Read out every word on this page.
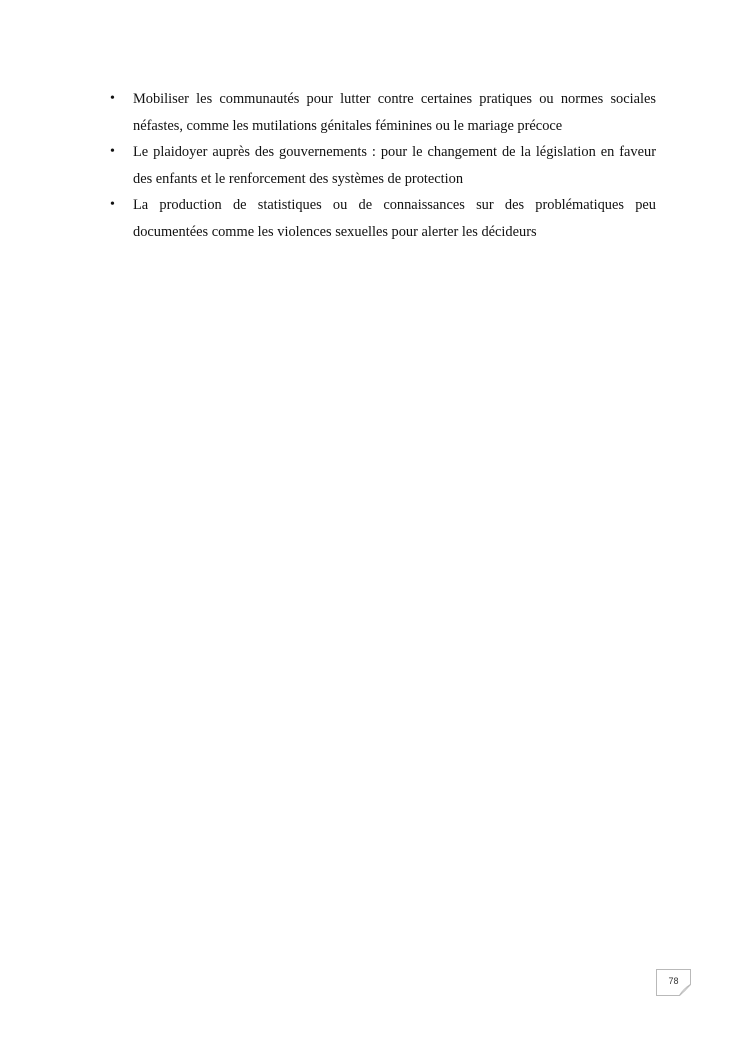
• Mobiliser les communautés pour lutter contre certaines pratiques ou normes sociales néfastes, comme les mutilations génitales féminines ou le mariage précoce
• Le plaidoyer auprès des gouvernements : pour le changement de la législation en faveur des enfants et le renforcement des systèmes de protection
• La production de statistiques ou de connaissances sur des problématiques peu documentées comme les violences sexuelles pour alerter les décideurs
78
